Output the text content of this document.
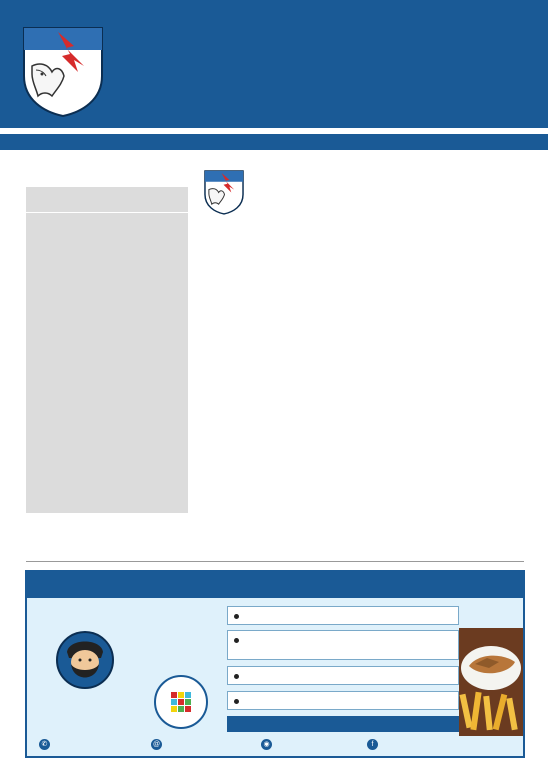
✆	@	◉	f
